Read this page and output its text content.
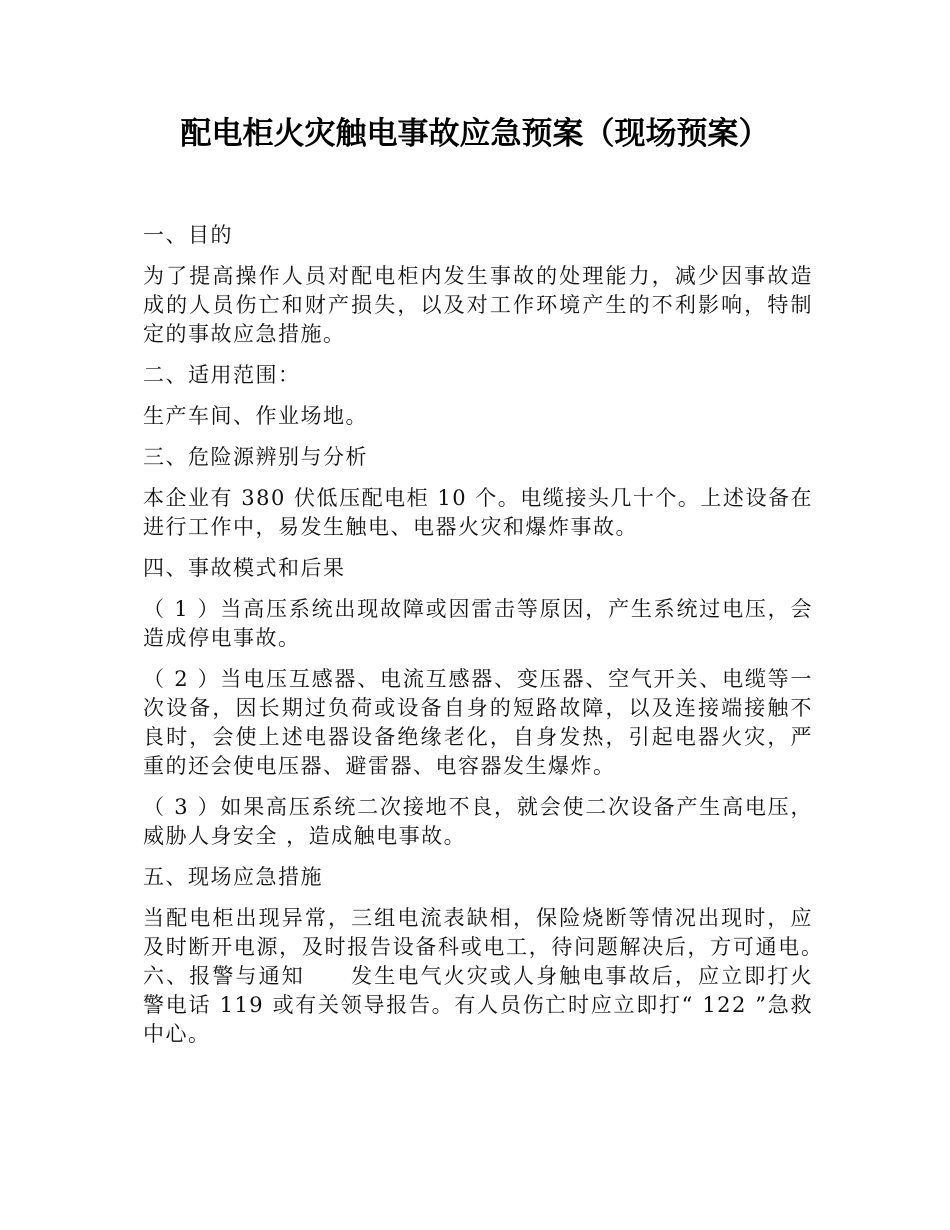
配电柜火灾触电事故应急预案（现场预案）

一、目的

为了提高操作人员对配电柜内发生事故的处理能力，减少因事故造成的人员伤亡和财产损失，以及对工作环境产生的不利影响，特制定的事故应急措施。

二、适用范围：

生产车间、作业场地。

三、危险源辨别与分析

本企业有 380 伏低压配电柜 10 个。电缆接头几十个。上述设备在进行工作中，易发生触电、电器火灾和爆炸事故。

四、事故模式和后果

（ 1 ）当高压系统出现故障或因雷击等原因，产生系统过电压，会造成停电事故。

（ 2 ）当电压互感器、电流互感器、变压器、空气开关、电缆等一次设备，因长期过负荷或设备自身的短路故障，以及连接端接触不良时，会使上述电器设备绝缘老化，自身发热，引起电器火灾，严重的还会使电压器、避雷器、电容器发生爆炸。

（ 3 ）如果高压系统二次接地不良，就会使二次设备产生高电压，威胁人身安全 ，造成触电事故。

五、现场应急措施

当配电柜出现异常，三组电流表缺相，保险烧断等情况出现时，应及时断开电源，及时报告设备科或电工，待问题解决后，方可通电。　六、报警与通知　　发生电气火灾或人身触电事故后，应立即打火警电话 119 或有关领导报告。有人员伤亡时应立即打“ 122 ”急救中心。
